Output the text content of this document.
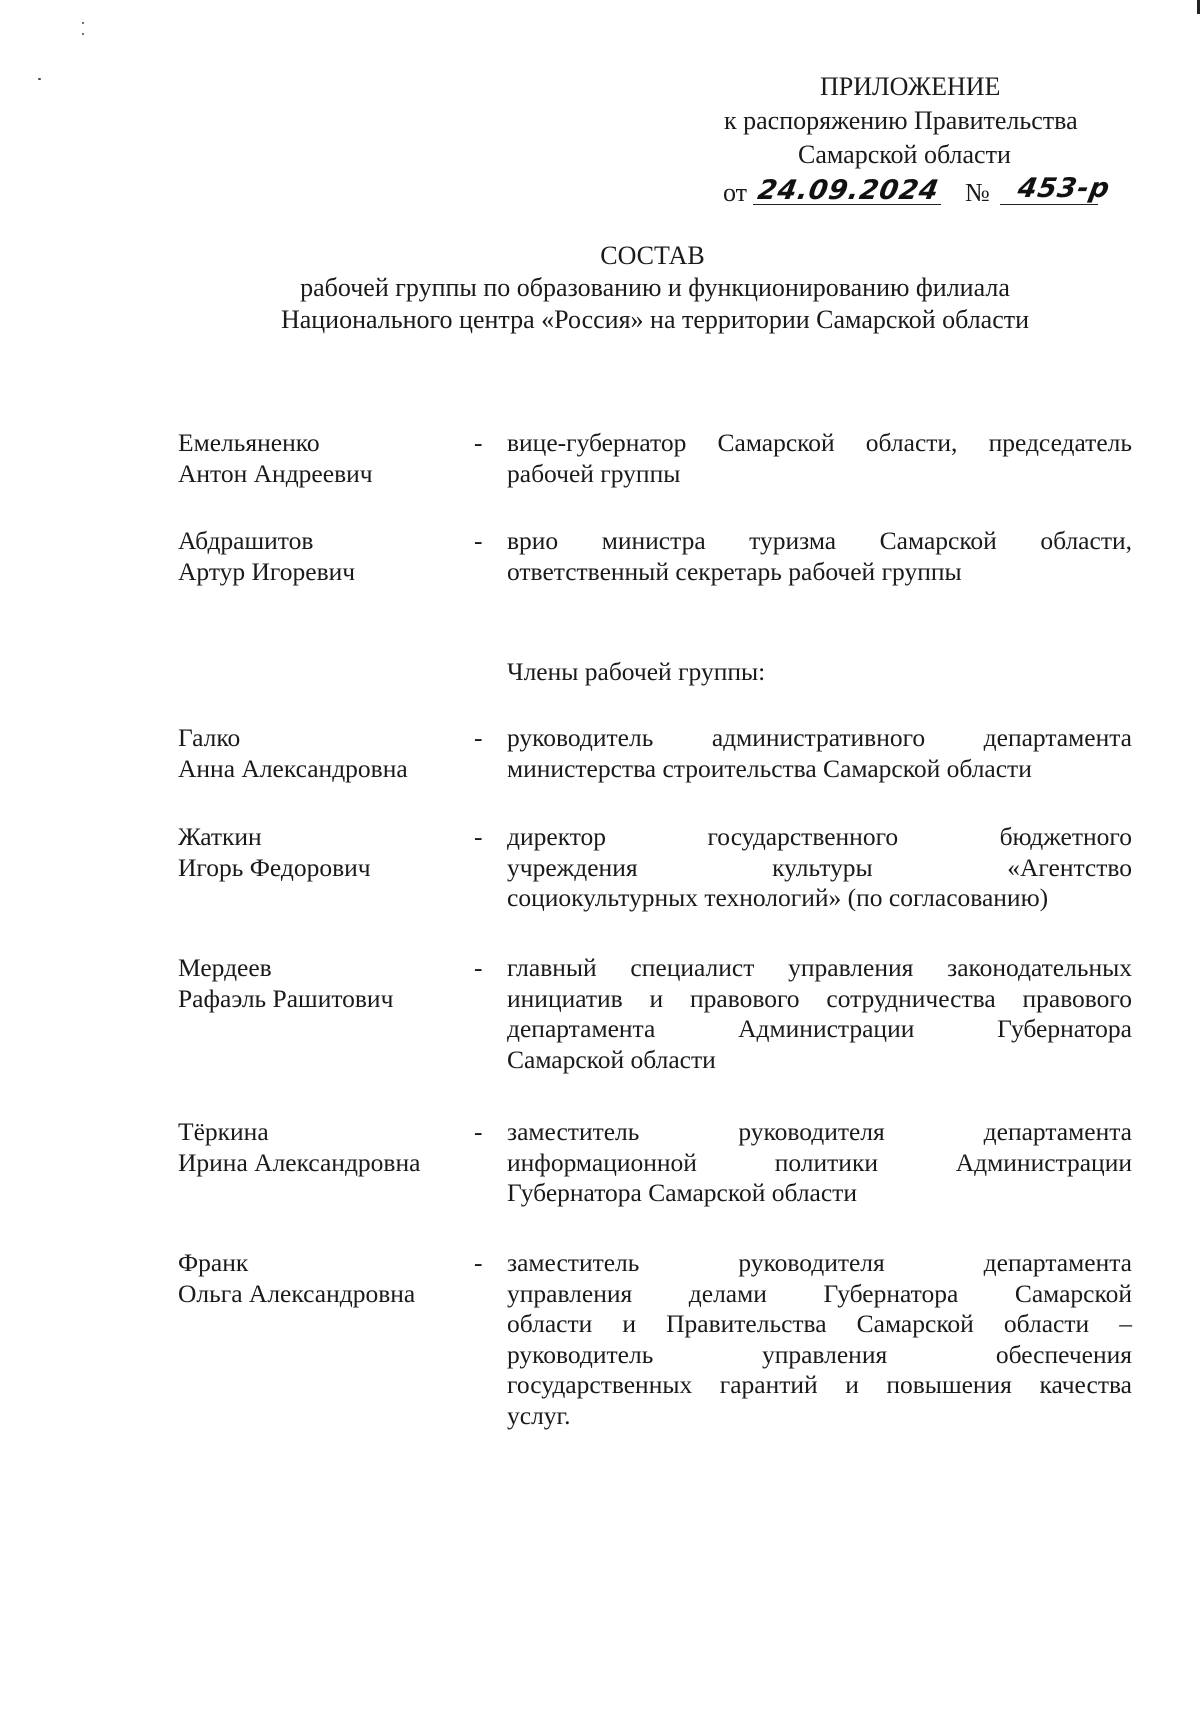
ПРИЛОЖЕНИЕ
к распоряжению Правительства
Самарской области
от 24.09.2024 № 453-р
СОСТАВ
рабочей группы по образованию и функционированию филиала
Национального центра «Россия» на территории Самарской области
Емельяненко
Антон Андреевич
- вице-губернатор Самарской области, председатель
рабочей группы
Абдрашитов
Артур Игоревич
- врио министра туризма Самарской области,
ответственный секретарь рабочей группы
Члены рабочей группы:
Галко
Анна Александровна
- руководитель административного департамента
министерства строительства Самарской области
Жаткин
Игорь Федорович
- директор государственного бюджетного
учреждения культуры «Агентство
социокультурных технологий» (по согласованию)
Мердеев
Рафаэль Рашитович
- главный специалист управления законодательных
инициатив и правового сотрудничества правового
департамента Администрации Губернатора
Самарской области
Тёркина
Ирина Александровна
- заместитель руководителя департамента
информационной политики Администрации
Губернатора Самарской области
Франк
Ольга Александровна
- заместитель руководителя департамента
управления делами Губернатора Самарской
области и Правительства Самарской области –
руководитель управления обеспечения
государственных гарантий и повышения качества
услуг.
